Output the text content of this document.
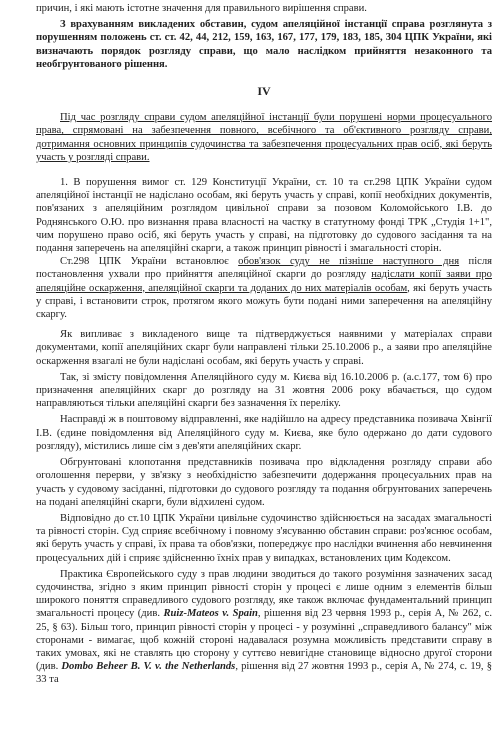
причин, і які мають істотне значення для правильного вирішення справи.

З врахуванням викладених обставин, судом апеляційної інстанції справа розглянута з порушенням положень ст. ст. 42, 44, 212, 159, 163, 167, 177, 179, 183, 185, 304 ЦПК України, які визначають порядок розгляду справи, що мало наслідком прийняття незаконного та необгрунтованого рішення.

IV

Під час розгляду справи судом апеляційної інстанції були порушені норми процесуального права, спрямовані на забезпечення повного, всебічного та об'єктивного розгляду справи, дотримання основних принципів судочинства та забезпечення процесуальних прав осіб, які беруть участь у розгляді справи.

1. В порушення вимог ст. 129 Конституції України, ст. 10 та ст.298 ЦПК України судом апеляційної інстанції не надіслано особам, які беруть участь у справі, копії необхідних документів, пов'язаних з апеляційним розглядом цивільної справи за позовом Коломойського І.В. до Роднянського О.Ю. про визнання права власності на частку в статутному фонді ТРК „Студія 1+1", чим порушено право осіб, які беруть участь у справі, на підготовку до судового засідання та на подання заперечень на апеляційні скарги, а також принцип рівності і змагальності сторін.

Ст.298 ЦПК України встановлює обов'язок суду не пізніше наступного дня після постановлення ухвали про прийняття апеляційної скарги до розгляду надіслати копії заяви про апеляційне оскарження, апеляційної скарги та доданих до них матеріалів особам, які беруть участь у справі, і встановити строк, протягом якого можуть бути подані ними заперечення на апеляційну скаргу.

Як випливає з викладеного вище та підтверджується наявними у матеріалах справи документами, копії апеляційних скарг були направлені тільки 25.10.2006 р., а заяви про апеляційне оскарження взагалі не були надіслані особам, які беруть участь у справі.

Так, зі змісту повідомлення Апеляційного суду м. Києва від 16.10.2006 р. (а.с.177, том 6) про призначення апеляційних скарг до розгляду на 31 жовтня 2006 року вбачається, що судом направляються тільки апеляційні скарги без зазначення їх переліку.

Насправді ж в поштовому відправленні, яке надійшло на адресу представника позивача Хвінгії І.В. (єдине повідомлення від Апеляційного суду м. Києва, яке було одержано до дати судового розгляду), містились лише сім з дев'яти апеляційних скарг.

Обгрунтовані клопотання представників позивача про відкладення розгляду справи або оголошення перерви, у зв'язку з необхідністю забезпечити додержання процесуальних прав на участь у судовому засіданні, підготовки до судового розгляду та подання обгрунтованих заперечень на подані апеляційні скарги, були відхилені судом.

Відповідно до ст.10 ЦПК України цивільне судочинство здійснюється на засадах змагальності та рівності сторін. Суд сприяє всебічному і повному з'ясуванню обставин справи: роз'яснює особам, які беруть участь у справі, їх права та обов'язки, попереджує про наслідки вчинення або невчинення процесуальних дій і сприяє здійсненню їхніх прав у випадках, встановлених цим Кодексом.

Практика Європейського суду з прав людини зводиться до такого розуміння зазначених засад судочинства, згідно з яким принцип рівності сторін у процесі є лише одним з елементів більш широкого поняття справедливого судового розгляду, яке також включає фундаментальний принцип змагальності процесу (див. Ruiz-Mateos v. Spain, рішення від 23 червня 1993 р., серія А, № 262, с. 25, § 63). Більш того, принцип рівності сторін у процесі - у розумінні „справедливого балансу" між сторонами - вимагає, щоб кожній стороні надавалася розумна можливість представити справу в таких умовах, які не ставлять цю сторону у суттєво невигідне становище відносно другої сторони (див. Dombo Beheer B. V. v. the Netherlands, рішення від 27 жовтня 1993 р., серія А, № 274, с. 19, § 33 та
